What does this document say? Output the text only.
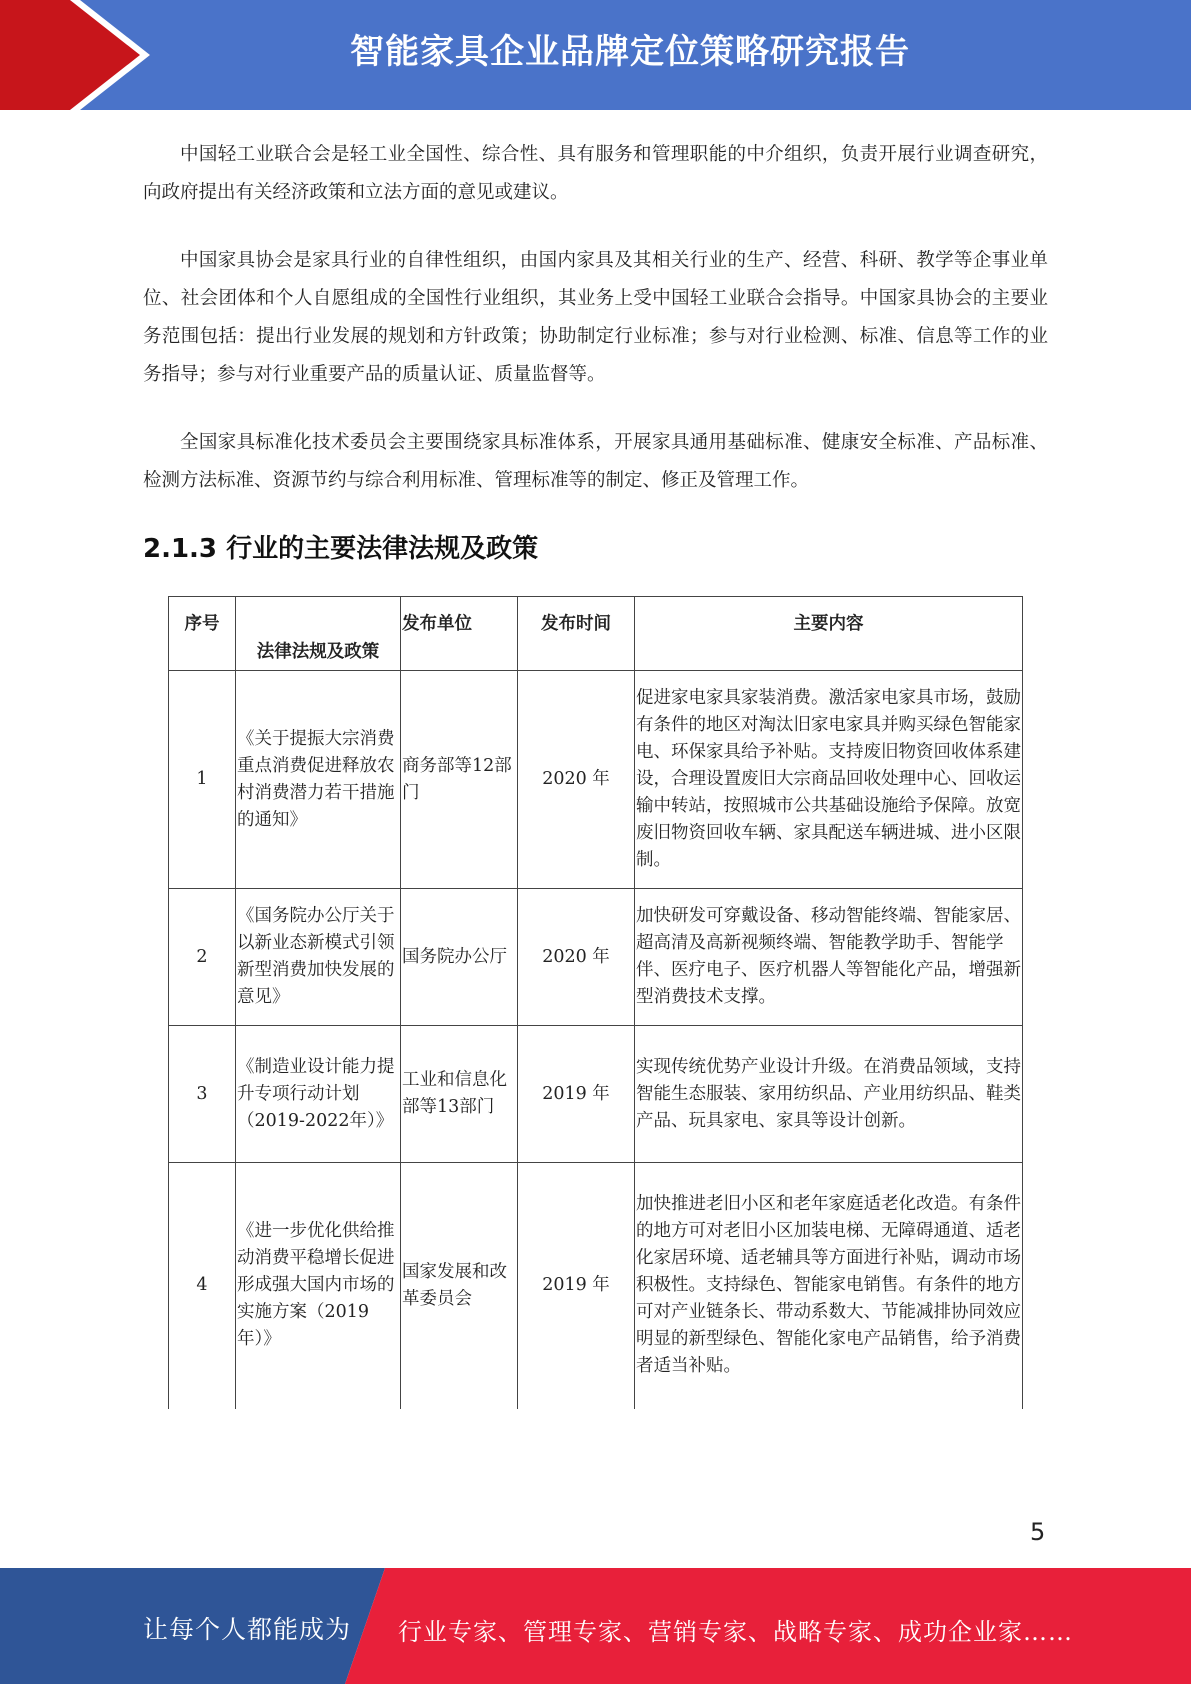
智能家具企业品牌定位策略研究报告

中国轻工业联合会是轻工业全国性、综合性、具有服务和管理职能的中介组织，负责开展行业调查研究，向政府提出有关经济政策和立法方面的意见或建议。

中国家具协会是家具行业的自律性组织，由国内家具及其相关行业的生产、经营、科研、教学等企事业单位、社会团体和个人自愿组成的全国性行业组织，其业务上受中国轻工业联合会指导。中国家具协会的主要业务范围包括：提出行业发展的规划和方针政策；协助制定行业标准；参与对行业检测、标准、信息等工作的业务指导；参与对行业重要产品的质量认证、质量监督等。

全国家具标准化技术委员会主要围绕家具标准体系，开展家具通用基础标准、健康安全标准、产品标准、检测方法标准、资源节约与综合利用标准、管理标准等的制定、修正及管理工作。

2.1.3 行业的主要法律法规及政策
序号	法律法规及政策	发布单位	发布时间	主要内容
1	《关于提振大宗消费重点消费促进释放农村消费潜力若干措施的通知》	商务部等12部门	2020 年	促进家电家具家装消费。激活家电家具市场，鼓励有条件的地区对淘汰旧家电家具并购买绿色智能家电、环保家具给予补贴。支持废旧物资回收体系建设，合理设置废旧大宗商品回收处理中心、回收运输中转站，按照城市公共基础设施给予保障。放宽废旧物资回收车辆、家具配送车辆进城、进小区限制。
2	《国务院办公厅关于以新业态新模式引领新型消费加快发展的意见》	国务院办公厅	2020 年	加快研发可穿戴设备、移动智能终端、智能家居、超高清及高新视频终端、智能教学助手、智能学伴、医疗电子、医疗机器人等智能化产品，增强新型消费技术支撑。
3	《制造业设计能力提升专项行动计划（2019-2022年）》	工业和信息化部等13部门	2019 年	实现传统优势产业设计升级。在消费品领域，支持智能生态服装、家用纺织品、产业用纺织品、鞋类产品、玩具家电、家具等设计创新。
4	《进一步优化供给推动消费平稳增长促进形成强大国内市场的实施方案（2019年）》	国家发展和改革委员会	2019 年	加快推进老旧小区和老年家庭适老化改造。有条件的地方可对老旧小区加装电梯、无障碍通道、适老化家居环境、适老辅具等方面进行补贴，调动市场积极性。支持绿色、智能家电销售。有条件的地方可对产业链条长、带动系数大、节能减排协同效应明显的新型绿色、智能化家电产品销售，给予消费者适当补贴。
5
让每个人都能成为 行业专家、管理专家、营销专家、战略专家、成功企业家……
